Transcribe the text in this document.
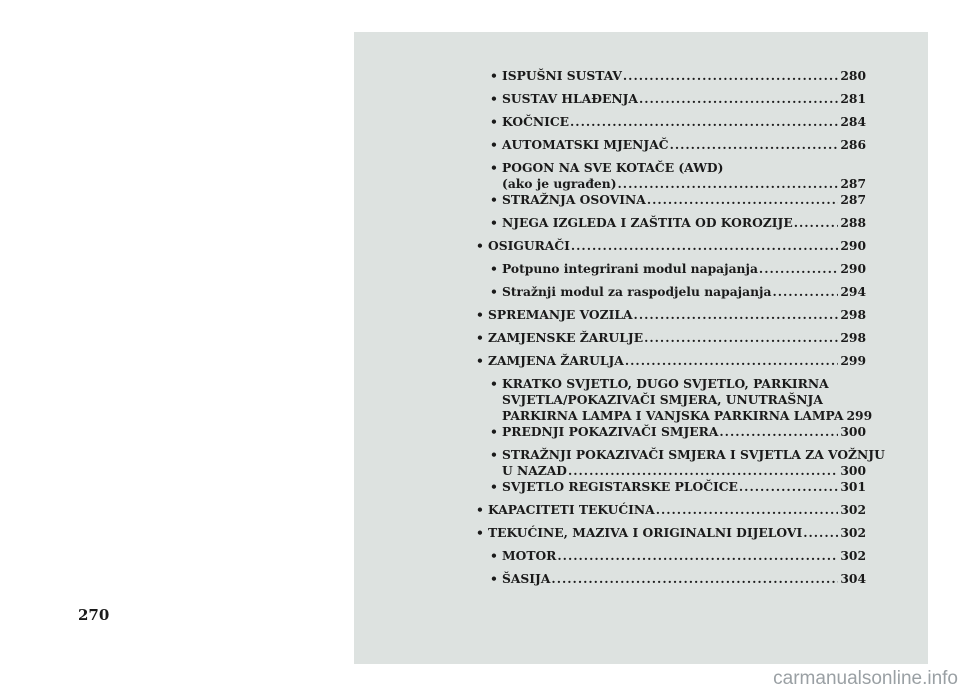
• ISPUŠNI SUSTAV .....	280
• SUSTAV HLAĐENJA .....	281
• KOČNICE .....	284
• AUTOMATSKI MJENJAČ .....	286
• POGON NA SVE KOTAČE (AWD)
(ako je ugrađen) .....	287
• STRAŽNJA OSOVINA .....	287
• NJEGA IZGLEDA I ZAŠTITA OD KOROZIJE .....	288
• OSIGURAČI .....	290
• Potpuno integrirani modul napajanja .....	290
• Stražnji modul za raspodjelu napajanja .....	294
• SPREMANJE VOZILA .....	298
• ZAMJENSKE ŽARULJE .....	298
• ZAMJENA ŽARULJA .....	299
• KRATKO SVJETLO, DUGO SVJETLO, PARKIRNA
SVJETLA/POKAZIVAČI SMJERA, UNUTRAŠNJA
PARKIRNA LAMPA I VANJSKA PARKIRNA LAMPA 299
• PREDNJI POKAZIVAČI SMJERA .....	300
• STRAŽNJI POKAZIVAČI SMJERA I SVJETLA ZA VOŽNJU
U NAZAD .....	300
• SVJETLO REGISTARSKE PLOČICE .....	301
• KAPACITETI TEKUĆINA .....	302
• TEKUĆINE, MAZIVA I ORIGINALNI DIJELOVI .....	302
• MOTOR .....	302
• ŠASIJA .....	304
270
carmanualsonline.info
